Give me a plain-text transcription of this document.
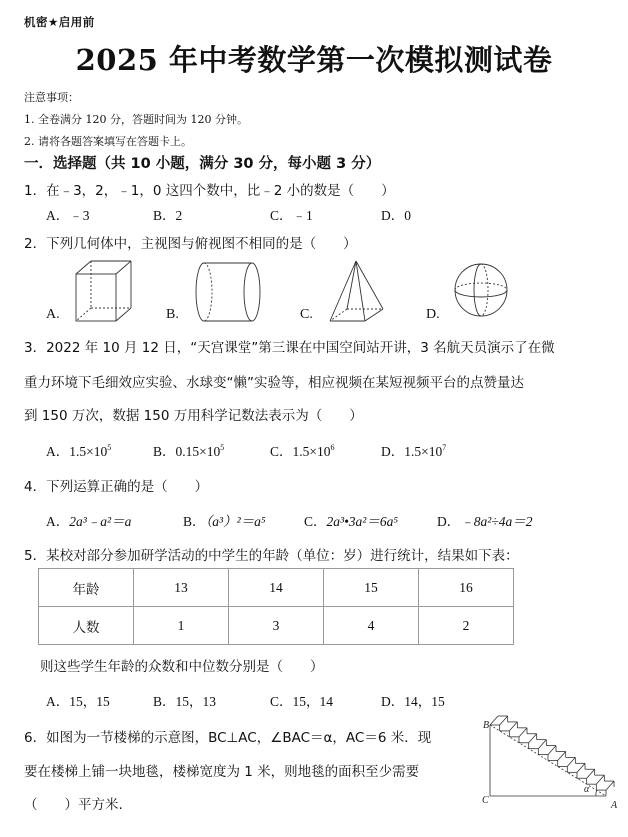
机密★启用前
2025 年中考数学第一次模拟测试卷
注意事项：
1. 全卷满分 120 分，答题时间为 120 分钟。
2. 请将各题答案填写在答题卡上。
一．选择题（共 10 小题，满分 30 分，每小题 3 分）
1．在﹣3，2，﹣1，0 这四个数中，比﹣2 小的数是（　　）
A．﹣3	B．2	C．﹣1	D．0
2．下列几何体中，主视图与俯视图不相同的是（　　）
A.	B.	C.	D.
3．2022 年 10 月 12 日，“天宫课堂”第三课在中国空间站开讲，3 名航天员演示了在微
重力环境下毛细效应实验、水球变“懒”实验等，相应视频在某短视频平台的点赞量达
到 150 万次，数据 150 万用科学记数法表示为（　　）
A．$1.5\times 10^5$	B．$0.15\times 10^5$	C．$1.5\times 10^6$	D．$1.5\times 10^7$
4．下列运算正确的是（　　）
A．2a³﹣a²＝a	B．（a³）²＝a⁵	C．2a³•3a²＝6a⁵	D．﹣8a²÷4a＝2
5．某校对部分参加研学活动的中学生的年龄（单位：岁）进行统计，结果如下表：
年龄	13	14	15	16
人数	1	3	4	2
则这些学生年龄的众数和中位数分别是（　　）
A．15，15	B．15，13	C．15，14	D．14，15
6．如图为一节楼梯的示意图，BC⊥AC，∠BAC＝α，AC＝6 米．现
要在楼梯上铺一块地毯，楼梯宽度为 1 米，则地毯的面积至少需要
（　　）平方米.
B
C	A
α
